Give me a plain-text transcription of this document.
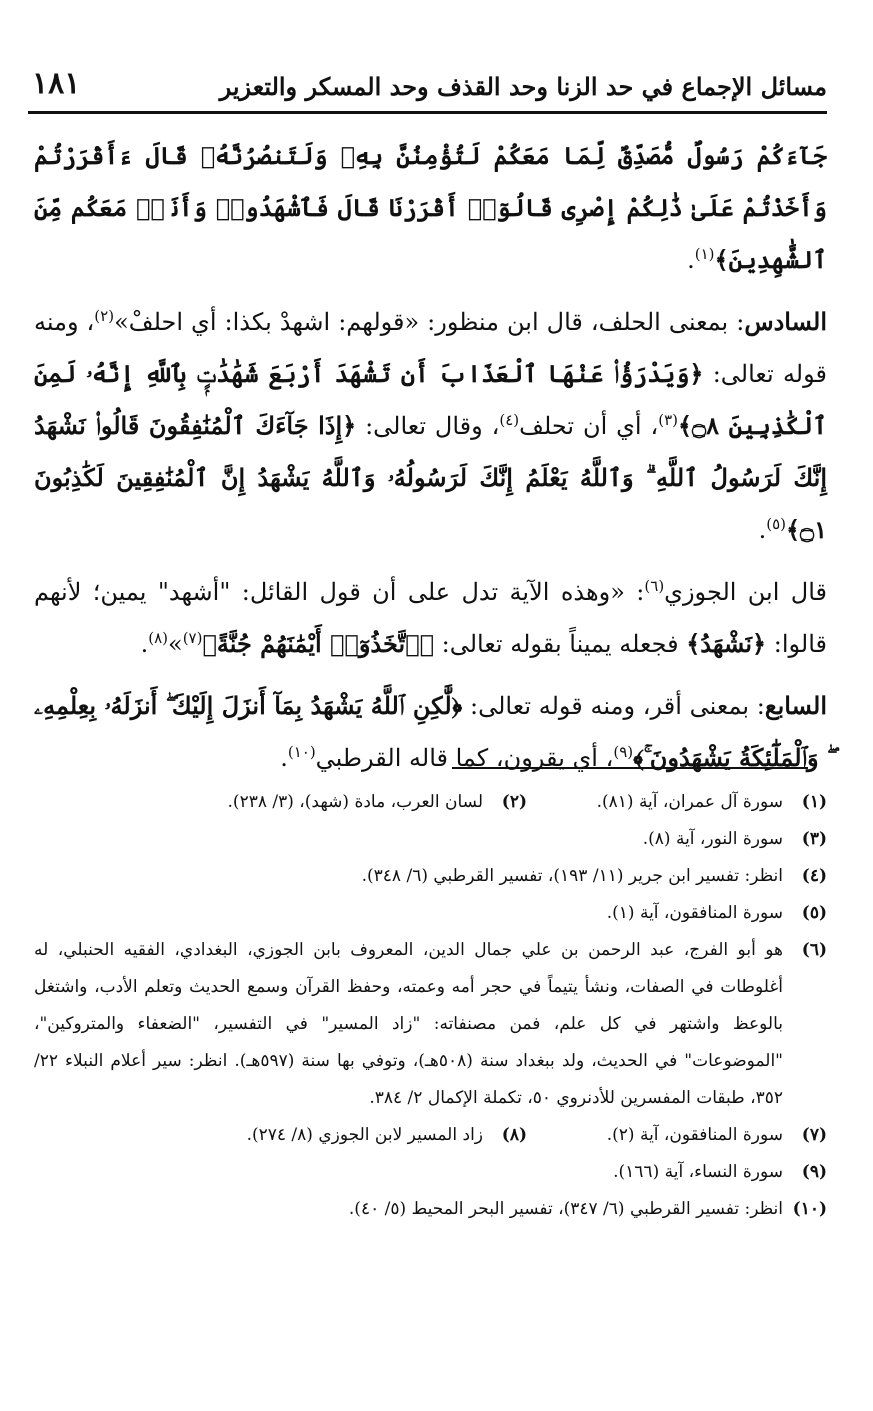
مسائل الإجماع في حد الزنا وحد القذف وحد المسكر والتعزير
١٨١

جَآءَكُمْ رَسُولٌ مُّصَدِّقٌ لِّمَا مَعَكُمْ لَتُؤْمِنُنَّ بِهِۦ وَلَتَنصُرُنَّهُۥ قَالَ ءَأَقْرَرْتُمْ وَأَخَذْتُمْ عَلَىٰ ذَٰلِكُمْ إِصْرِى قَالُوٓا۟ أَقْرَرْنَا قَالَ فَٱشْهَدُوا۟ وَأَنَا۠ مَعَكُم مِّنَ ٱلشَّٰهِدِينَ﴾$^{(١)}$.

السادس: بمعنى الحلف، قال ابن منظور: «قولهم: اشهدْ بكذا: أي احلفْ»$^{(٢)}$، ومنه قوله تعالى: ﴿وَيَدْرَؤُا۟ عَنْهَا ٱلْعَذَابَ أَن تَشْهَدَ أَرْبَعَ شَهَٰدَٰتٍۭ بِٱللَّهِ إِنَّهُۥ لَمِنَ ٱلْكَٰذِبِينَ ۝٨﴾$^{(٣)}$، أي أن تحلف$^{(٤)}$، وقال تعالى: ﴿إِذَا جَآءَكَ ٱلْمُنَٰفِقُونَ قَالُوا۟ نَشْهَدُ إِنَّكَ لَرَسُولُ ٱللَّهِ ۗ وَٱللَّهُ يَعْلَمُ إِنَّكَ لَرَسُولُهُۥ وَٱللَّهُ يَشْهَدُ إِنَّ ٱلْمُنَٰفِقِينَ لَكَٰذِبُونَ ۝١﴾$^{(٥)}$.

قال ابن الجوزي$^{(٦)}$: «وهذه الآية تدل على أن قول القائل: "أشهد" يمين؛ لأنهم قالوا: ﴿نَشْهَدُ﴾ فجعله يميناً بقوله تعالى: ﴿ٱتَّخَذُوٓا۟ أَيْمَٰنَهُمْ جُنَّةً﴾$^{(٧)}$»$^{(٨)}$.

السابع: بمعنى أقر، ومنه قوله تعالى: ﴿لَّٰكِنِ ٱللَّهُ يَشْهَدُ بِمَآ أَنزَلَ إِلَيْكَ ۖ أَنزَلَهُۥ بِعِلْمِهِۦ ۖ وَٱلْمَلَٰٓئِكَةُ يَشْهَدُونَ ۚ﴾$^{(٩)}$، أي يقرون، كما قاله القرطبي$^{(١٠)}$.

(١)
سورة آل عمران، آية (٨١).
(٢)
لسان العرب، مادة (شهد)، (٣/ ٢٣٨).
(٣)
سورة النور، آية (٨).
(٤)
انظر: تفسير ابن جرير (١١/ ١٩٣)، تفسير القرطبي (٦/ ٣٤٨).
(٥)
سورة المنافقون، آية (١).
(٦)
هو أبو الفرج، عبد الرحمن بن علي جمال الدين، المعروف بابن الجوزي، البغدادي، الفقيه الحنبلي، له أغلوطات في الصفات، ونشأ يتيماً في حجر أمه وعمته، وحفظ القرآن وسمع الحديث وتعلم الأدب، واشتغل بالوعظ واشتهر في كل علم، فمن مصنفاته: "زاد المسير" في التفسير، "الضعفاء والمتروكين"، "الموضوعات" في الحديث، ولد ببغداد سنة (٥٠٨هـ)، وتوفي بها سنة (٥٩٧هـ). انظر: سير أعلام النبلاء ٢٢/ ٣٥٢، طبقات المفسرين للأدنروي ٥٠، تكملة الإكمال ٢/ ٣٨٤.
(٧)
سورة المنافقون، آية (٢).
(٨)
زاد المسير لابن الجوزي (٨/ ٢٧٤).
(٩)
سورة النساء، آية (١٦٦).
(١٠)
انظر: تفسير القرطبي (٦/ ٣٤٧)، تفسير البحر المحيط (٥/ ٤٠).
